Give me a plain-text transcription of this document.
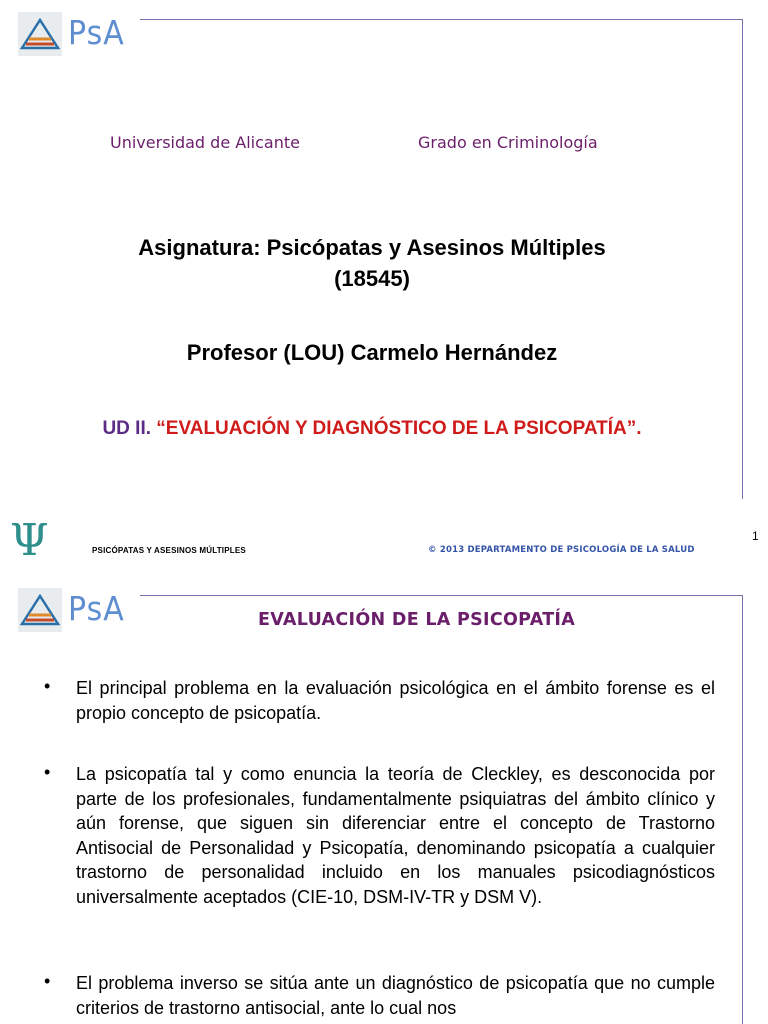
PsA
Universidad de Alicante	Grado en Criminología
Asignatura: Psicópatas y Asesinos Múltiples
(18545)
Profesor (LOU) Carmelo Hernández
UD II. “EVALUACIÓN Y DIAGNÓSTICO DE LA PSICOPATÍA”.
Ψ	PSICÓPATAS Y ASESINOS MÚLTIPLES	© 2013 DEPARTAMENTO DE PSICOLOGÍA DE LA SALUD
1
PsA	EVALUACIÓN DE LA PSICOPATÍA
• El principal problema en la evaluación psicológica en el ámbito forense es el propio concepto de psicopatía.
• La psicopatía tal y como enuncia la teoría de Cleckley, es desconocida por parte de los profesionales, fundamentalmente psiquiatras del ámbito clínico y aún forense, que siguen sin diferenciar entre el concepto de Trastorno Antisocial de Personalidad y Psicopatía, denominando psicopatía a cualquier trastorno de personalidad incluido en los manuales psicodiagnósticos universalmente aceptados (CIE-10, DSM-IV-TR y DSM V).
• El problema inverso se sitúa ante un diagnóstico de psicopatía que no cumple criterios de trastorno antisocial, ante lo cual nos
